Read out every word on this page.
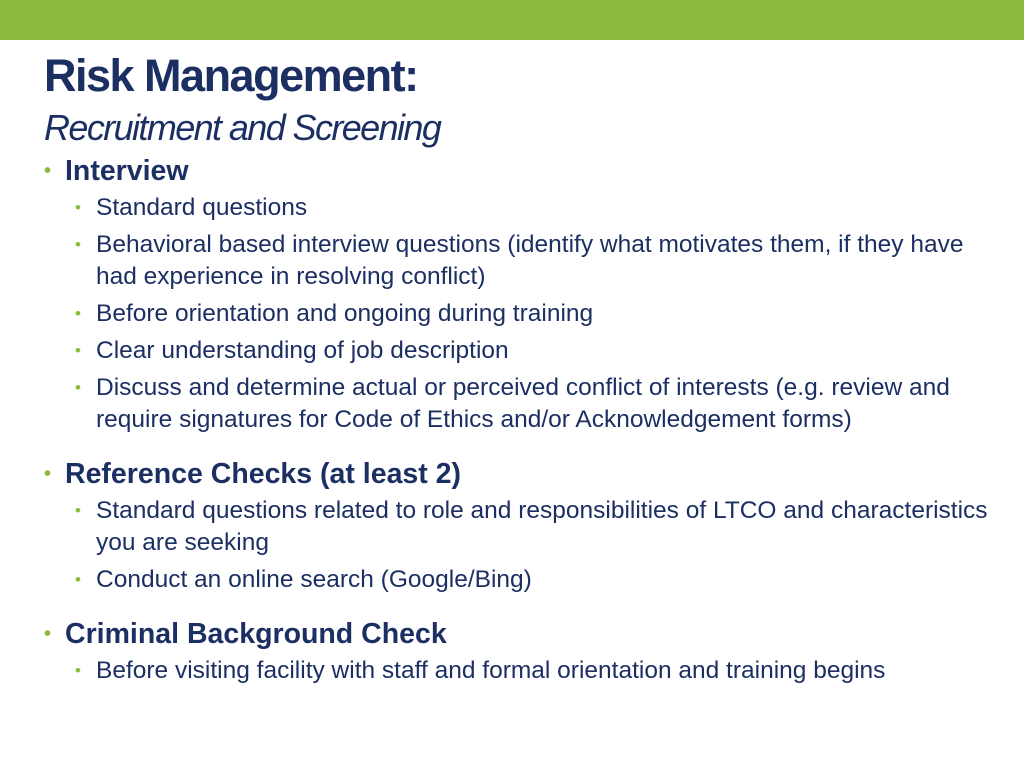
Risk Management:
Recruitment and Screening
• Interview
• Standard questions
• Behavioral based interview questions (identify what motivates them, if they have had experience in resolving conflict)
• Before orientation and ongoing during training
• Clear understanding of job description
• Discuss and determine actual or perceived conflict of interests (e.g. review and require signatures for Code of Ethics and/or Acknowledgement forms)
• Reference Checks (at least 2)
• Standard questions related to role and responsibilities of LTCO and characteristics you are seeking
• Conduct an online search (Google/Bing)
• Criminal Background Check
• Before visiting facility with staff and formal orientation and training begins
